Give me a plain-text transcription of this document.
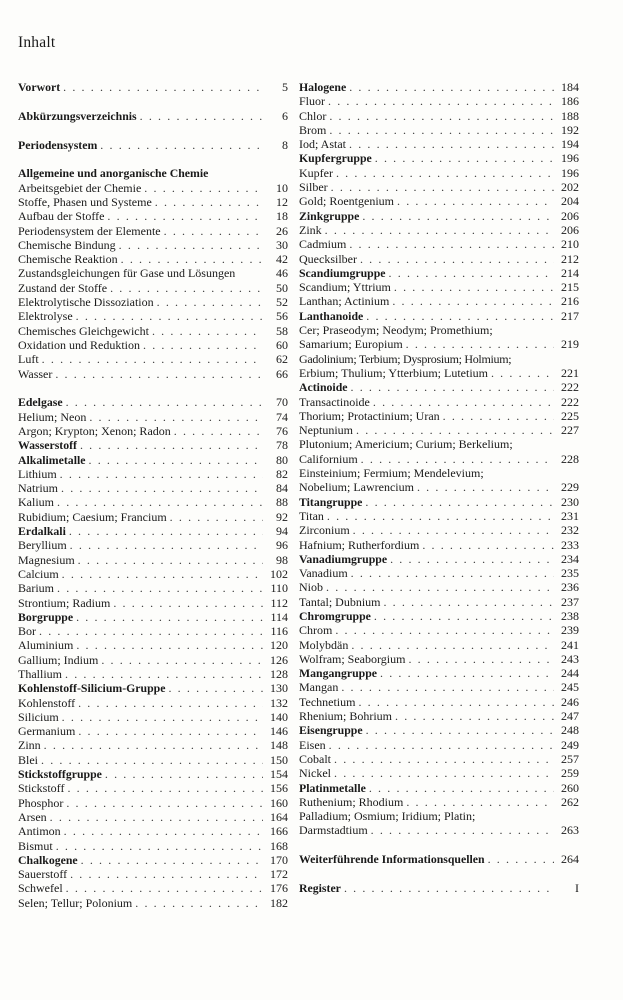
Inhalt
Vorwort . . .	5
Abkürzungsverzeichnis . . .	6
Periodensystem . . .	8
Allgemeine und anorganische Chemie
Arbeitsgebiet der Chemie . . .	10
Stoffe, Phasen und Systeme . . .	12
Aufbau der Stoffe . . .	18
Periodensystem der Elemente . . .	26
Chemische Bindung . . .	30
Chemische Reaktion . . .	42
Zustandsgleichungen für Gase und Lösungen	46
Zustand der Stoffe . . .	50
Elektrolytische Dissoziation . . .	52
Elektrolyse . . .	56
Chemisches Gleichgewicht . . .	58
Oxidation und Reduktion . . .	60
Luft . . .	62
Wasser . . .	66
Edelgase . . .	70
Helium; Neon . . .	74
Argon; Krypton; Xenon; Radon . . .	76
Wasserstoff . . .	78
Alkalimetalle . . .	80
Lithium . . .	82
Natrium . . .	84
Kalium . . .	88
Rubidium; Caesium; Francium . . .	92
Erdalkali . . .	94
Beryllium . . .	96
Magnesium . . .	98
Calcium . . .	102
Barium . . .	110
Strontium; Radium . . .	112
Borgruppe . . .	114
Bor . . .	116
Aluminium . . .	120
Gallium; Indium . . .	126
Thallium . . .	128
Kohlenstoff-Silicium-Gruppe . . .	130
Kohlenstoff . . .	132
Silicium . . .	140
Germanium . . .	146
Zinn . . .	148
Blei . . .	150
Stickstoffgruppe . . .	154
Stickstoff . . .	156
Phosphor . . .	160
Arsen . . .	164
Antimon . . .	166
Bismut . . .	168
Chalkogene . . .	170
Sauerstoff . . .	172
Schwefel . . .	176
Selen; Tellur; Polonium . . .	182
Halogene . . .	184
Fluor . . .	186
Chlor . . .	188
Brom . . .	192
Iod; Astat . . .	194
Kupfergruppe . . .	196
Kupfer . . .	196
Silber . . .	202
Gold; Roentgenium . . .	204
Zinkgruppe . . .	206
Zink . . .	206
Cadmium . . .	210
Quecksilber . . .	212
Scandiumgruppe . . .	214
Scandium; Yttrium . . .	215
Lanthan; Actinium . . .	216
Lanthanoide . . .	217
Cer; Praseodym; Neodym; Promethium;
Samarium; Europium . . .	219
Gadolinium; Terbium; Dysprosium; Holmium;
Erbium; Thulium; Ytterbium; Lutetium . . .	221
Actinoide . . .	222
Transactinoide . . .	222
Thorium; Protactinium; Uran . . .	225
Neptunium . . .	227
Plutonium; Americium; Curium; Berkelium;
Californium . . .	228
Einsteinium; Fermium; Mendelevium;
Nobelium; Lawrencium . . .	229
Titangruppe . . .	230
Titan . . .	231
Zirconium . . .	232
Hafnium; Rutherfordium . . .	233
Vanadiumgruppe . . .	234
Vanadium . . .	235
Niob . . .	236
Tantal; Dubnium . . .	237
Chromgruppe . . .	238
Chrom . . .	239
Molybdän . . .	241
Wolfram; Seaborgium . . .	243
Mangangruppe . . .	244
Mangan . . .	245
Technetium . . .	246
Rhenium; Bohrium . . .	247
Eisengruppe . . .	248
Eisen . . .	249
Cobalt . . .	257
Nickel . . .	259
Platinmetalle . . .	260
Ruthenium; Rhodium . . .	262
Palladium; Osmium; Iridium; Platin;
Darmstadtium . . .	263
Weiterführende Informationsquellen . . .	264
Register . . .	I
